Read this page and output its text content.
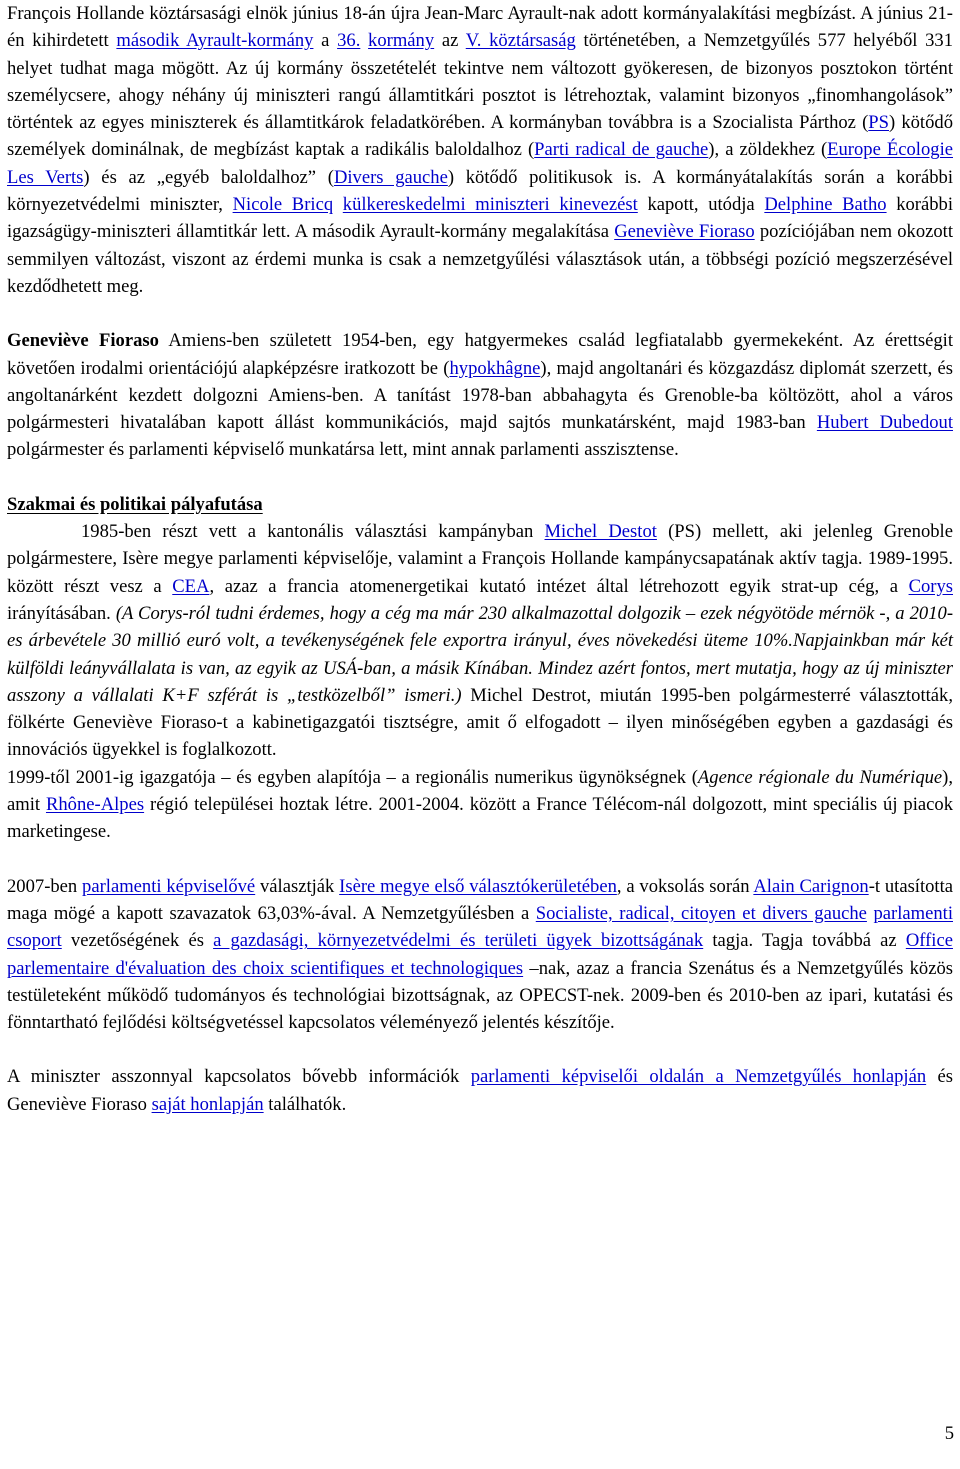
François Hollande köztársasági elnök június 18-án újra Jean-Marc Ayrault-nak adott kormányalakítási megbízást. A június 21-én kihirdetett második Ayrault-kormány a 36. kormány az V. köztársaság történetében, a Nemzetgyűlés 577 helyéből 331 helyet tudhat maga mögött. Az új kormány összetételét tekintve nem változott gyökeresen, de bizonyos posztokon történt személycsere, ahogy néhány új miniszteri rangú államtitkári posztot is létrehoztak, valamint bizonyos „finomhangolások” történtek az egyes miniszterek és államtitkárok feladatkörében. A kormányban továbbra is a Szocialista Párthoz (PS) kötődő személyek dominálnak, de megbízást kaptak a radikális baloldalhoz (Parti radical de gauche), a zöldekhez (Europe Écologie Les Verts) és az „egyéb baloldalhoz” (Divers gauche) kötődő politikusok is. A kormányátalakítás során a korábbi környezetvédelmi miniszter, Nicole Bricq külkereskedelmi miniszteri kinevezést kapott, utódja Delphine Batho korábbi igazságügy-miniszteri államtitkár lett. A második Ayrault-kormány megalakítása Geneviève Fioraso pozíciójában nem okozott semmilyen változást, viszont az érdemi munka is csak a nemzetgyűlési választások után, a többségi pozíció megszerzésével kezdődhetett meg.

Geneviève Fioraso Amiens-ben született 1954-ben, egy hatgyermekes család legfiatalabb gyermekeként. Az érettségit követően irodalmi orientációjú alapképzésre iratkozott be (hypokhâgne), majd angoltanári és közgazdász diplomát szerzett, és angoltanárként kezdett dolgozni Amiens-ben. A tanítást 1978-ban abbahagyta és Grenoble-ba költözött, ahol a város polgármesteri hivatalában kapott állást kommunikációs, majd sajtós munkatársként, majd 1983-ban Hubert Dubedout polgármester és parlamenti képviselő munkatársa lett, mint annak parlamenti asszisztense.

Szakmai és politikai pályafutása

1985-ben részt vett a kantonális választási kampányban Michel Destot (PS) mellett, aki jelenleg Grenoble polgármestere, Isère megye parlamenti képviselője, valamint a François Hollande kampánycsapatának aktív tagja. 1989-1995. között részt vesz a CEA, azaz a francia atomenergetikai kutató intézet által létrehozott egyik strat-up cég, a Corys irányításában. (A Corys-ról tudni érdemes, hogy a cég ma már 230 alkalmazottal dolgozik – ezek négyötöde mérnök -, a 2010-es árbevétele 30 millió euró volt, a tevékenységének fele exportra irányul, éves növekedési üteme 10%.Napjainkban már két külföldi leányvállalata is van, az egyik az USÁ-ban, a másik Kínában. Mindez azért fontos, mert mutatja, hogy az új miniszter asszony a vállalati K+F szférát is „testközelből” ismeri.) Michel Destrot, miután 1995-ben polgármesterré választották, fölkérte Geneviève Fioraso-t a kabinetigazgatói tisztségre, amit ő elfogadott – ilyen minőségében egyben a gazdasági és innovációs ügyekkel is foglalkozott.

1999-től 2001-ig igazgatója – és egyben alapítója – a regionális numerikus ügynökségnek (Agence régionale du Numérique), amit Rhône-Alpes régió települései hoztak létre. 2001-2004. között a France Télécom-nál dolgozott, mint speciális új piacok marketingese.

2007-ben parlamenti képviselővé választják Isère megye első választókerületében, a voksolás során Alain Carignon-t utasította maga mögé a kapott szavazatok 63,03%-ával. A Nemzetgyűlésben a Socialiste, radical, citoyen et divers gauche parlamenti csoport vezetőségének és a gazdasági, környezetvédelmi és területi ügyek bizottságának tagja. Tagja továbbá az Office parlementaire d'évaluation des choix scientifiques et technologiques –nak, azaz a francia Szenátus és a Nemzetgyűlés közös testületeként működő tudományos és technológiai bizottságnak, az OPECST-nek. 2009-ben és 2010-ben az ipari, kutatási és fönntartható fejlődési költségvetéssel kapcsolatos véleményező jelentés készítője.

A miniszter asszonnyal kapcsolatos bővebb információk parlamenti képviselői oldalán a Nemzetgyűlés honlapján és Geneviève Fioraso saját honlapján találhatók.

5
